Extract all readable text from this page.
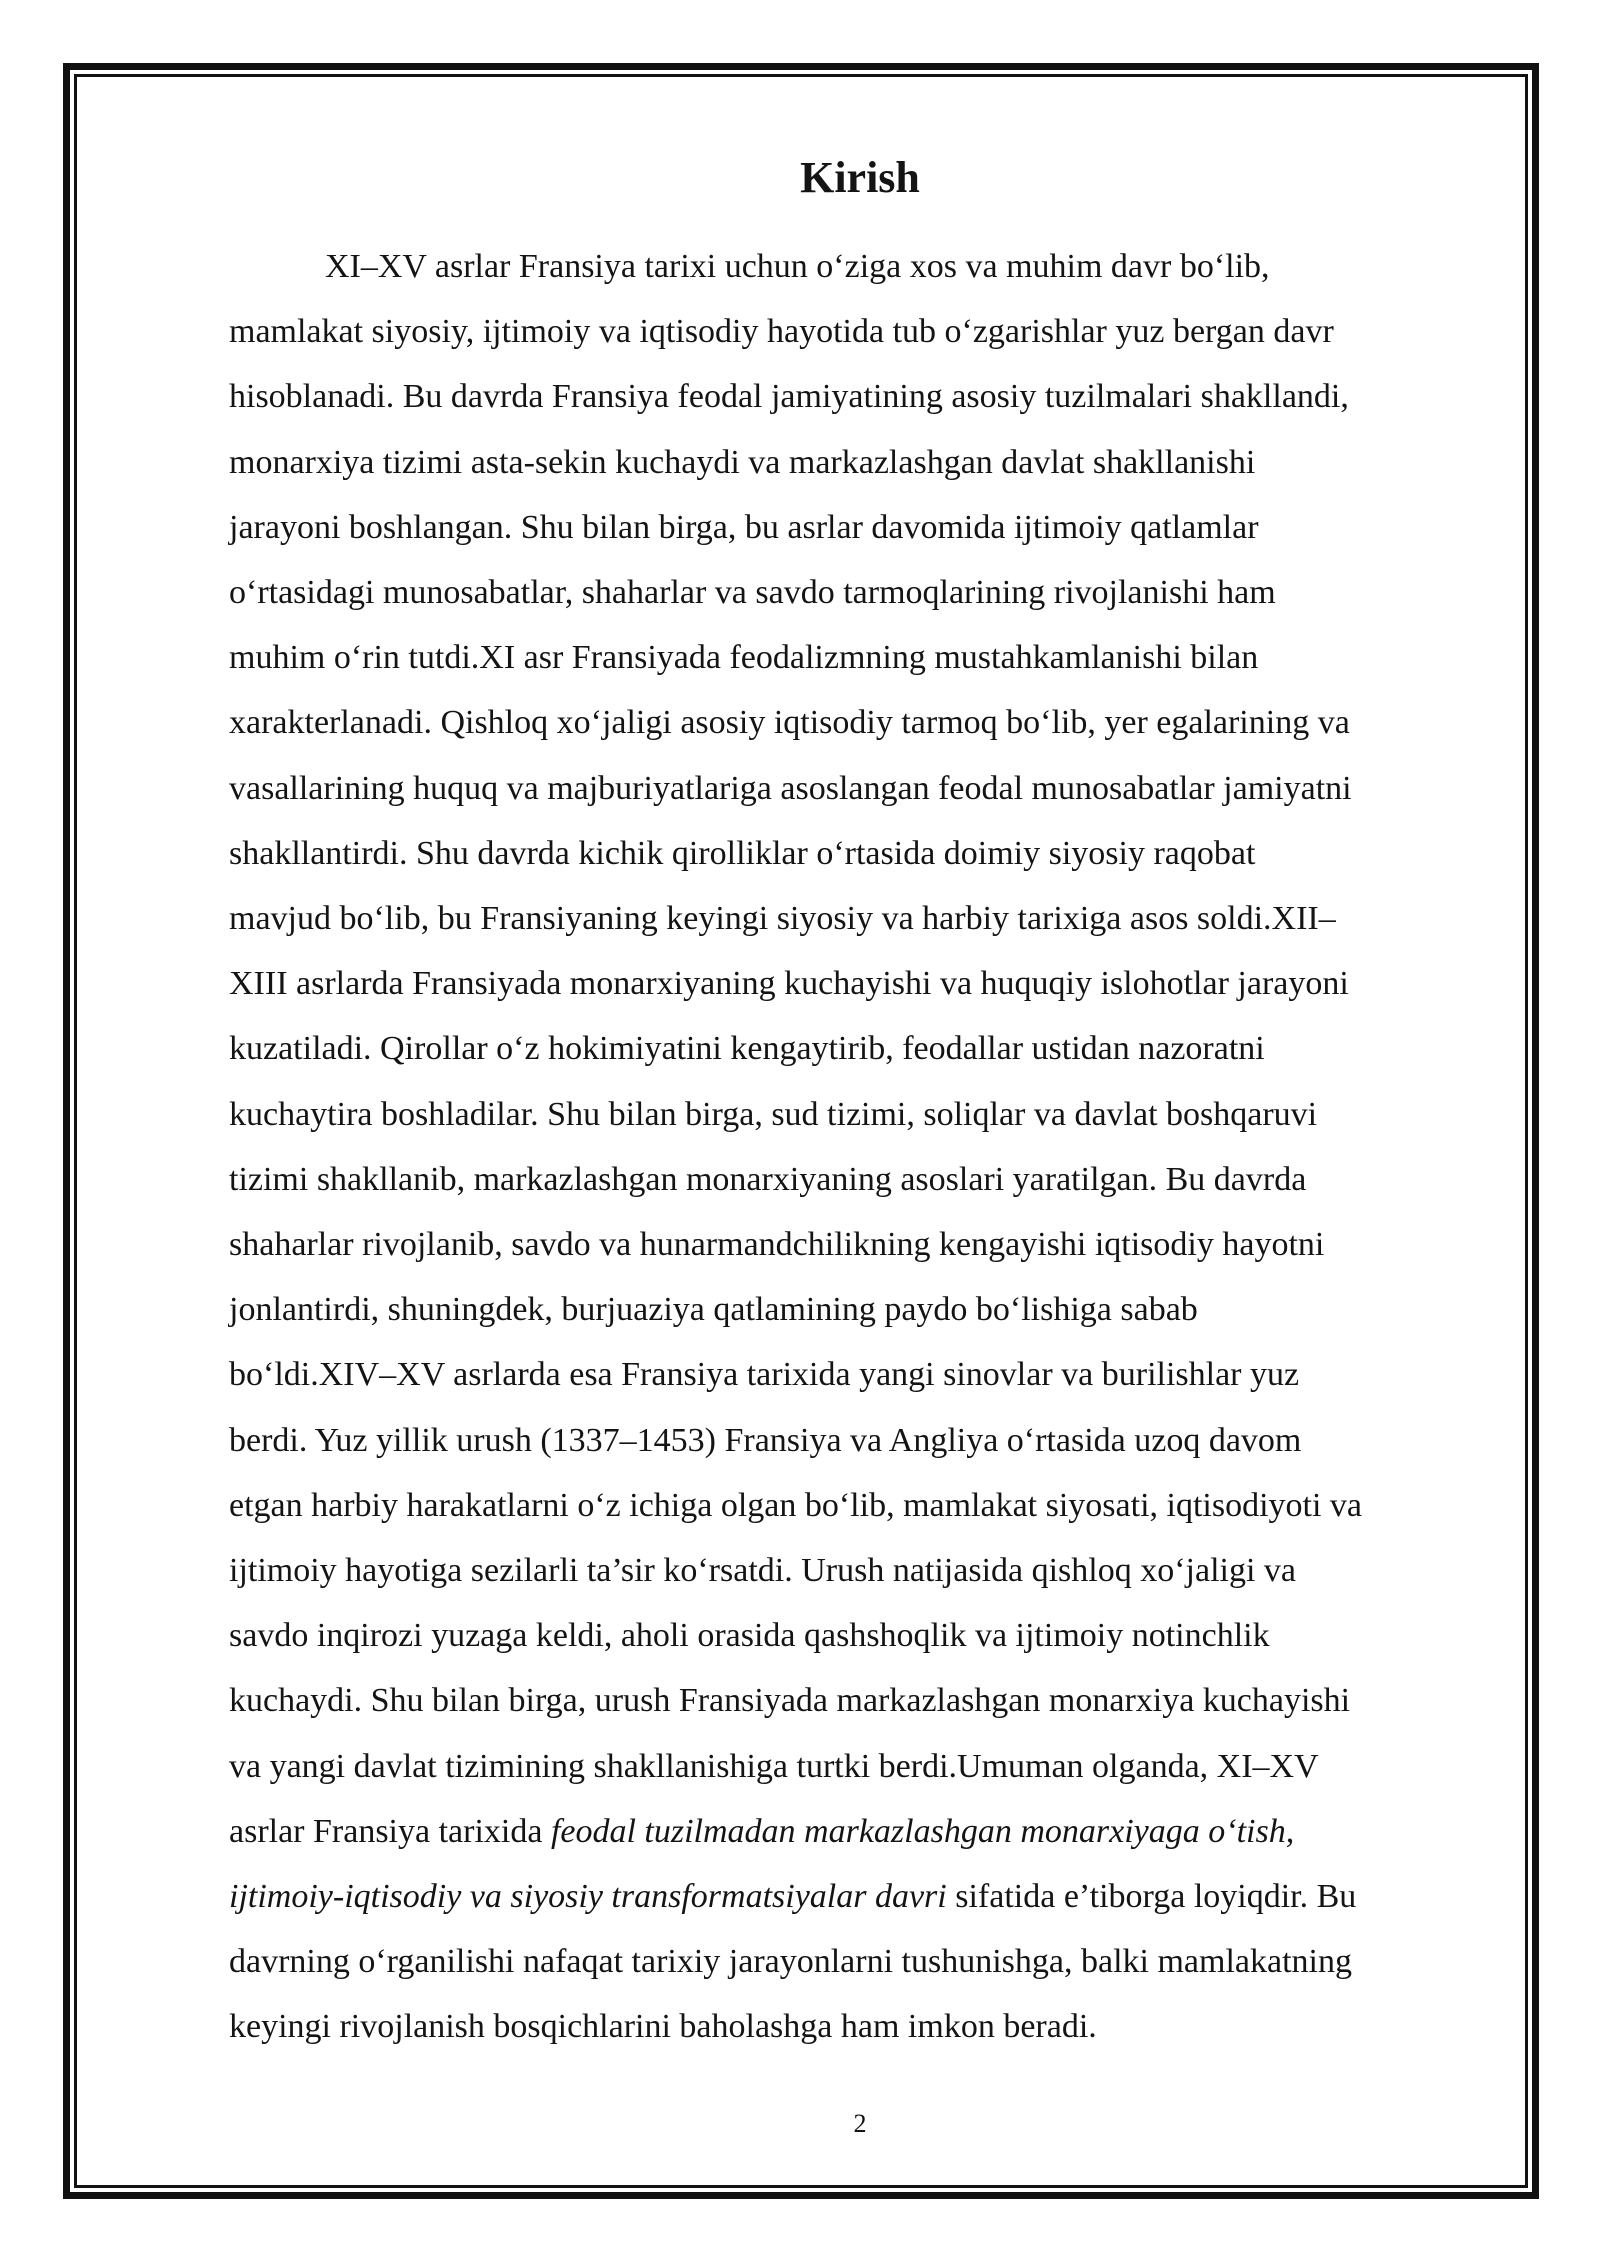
Kirish
XI–XV asrlar Fransiya tarixi uchun o‘ziga xos va muhim davr bo‘lib,
mamlakat siyosiy, ijtimoiy va iqtisodiy hayotida tub o‘zgarishlar yuz bergan davr
hisoblanadi. Bu davrda Fransiya feodal jamiyatining asosiy tuzilmalari shakllandi,
monarxiya tizimi asta-sekin kuchaydi va markazlashgan davlat shakllanishi
jarayoni boshlangan. Shu bilan birga, bu asrlar davomida ijtimoiy qatlamlar
o‘rtasidagi munosabatlar, shaharlar va savdo tarmoqlarining rivojlanishi ham
muhim o‘rin tutdi.XI asr Fransiyada feodalizmning mustahkamlanishi bilan
xarakterlanadi. Qishloq xo‘jaligi asosiy iqtisodiy tarmoq bo‘lib, yer egalarining va
vasallarining huquq va majburiyatlariga asoslangan feodal munosabatlar jamiyatni
shakllantirdi. Shu davrda kichik qirolliklar o‘rtasida doimiy siyosiy raqobat
mavjud bo‘lib, bu Fransiyaning keyingi siyosiy va harbiy tarixiga asos soldi.XII–
XIII asrlarda Fransiyada monarxiyaning kuchayishi va huquqiy islohotlar jarayoni
kuzatiladi. Qirollar o‘z hokimiyatini kengaytirib, feodallar ustidan nazoratni
kuchaytira boshladilar. Shu bilan birga, sud tizimi, soliqlar va davlat boshqaruvi
tizimi shakllanib, markazlashgan monarxiyaning asoslari yaratilgan. Bu davrda
shaharlar rivojlanib, savdo va hunarmandchilikning kengayishi iqtisodiy hayotni
jonlantirdi, shuningdek, burjuaziya qatlamining paydo bo‘lishiga sabab
bo‘ldi.XIV–XV asrlarda esa Fransiya tarixida yangi sinovlar va burilishlar yuz
berdi. Yuz yillik urush (1337–1453) Fransiya va Angliya o‘rtasida uzoq davom
etgan harbiy harakatlarni o‘z ichiga olgan bo‘lib, mamlakat siyosati, iqtisodiyoti va
ijtimoiy hayotiga sezilarli ta’sir ko‘rsatdi. Urush natijasida qishloq xo‘jaligi va
savdo inqirozi yuzaga keldi, aholi orasida qashshoqlik va ijtimoiy notinchlik
kuchaydi. Shu bilan birga, urush Fransiyada markazlashgan monarxiya kuchayishi
va yangi davlat tizimining shakllanishiga turtki berdi.Umuman olganda, XI–XV
asrlar Fransiya tarixida feodal tuzilmadan markazlashgan monarxiyaga o‘tish,
ijtimoiy-iqtisodiy va siyosiy transformatsiyalar davri sifatida e’tiborga loyiqdir. Bu
davrning o‘rganilishi nafaqat tarixiy jarayonlarni tushunishga, balki mamlakatning
keyingi rivojlanish bosqichlarini baholashga ham imkon beradi.
2
